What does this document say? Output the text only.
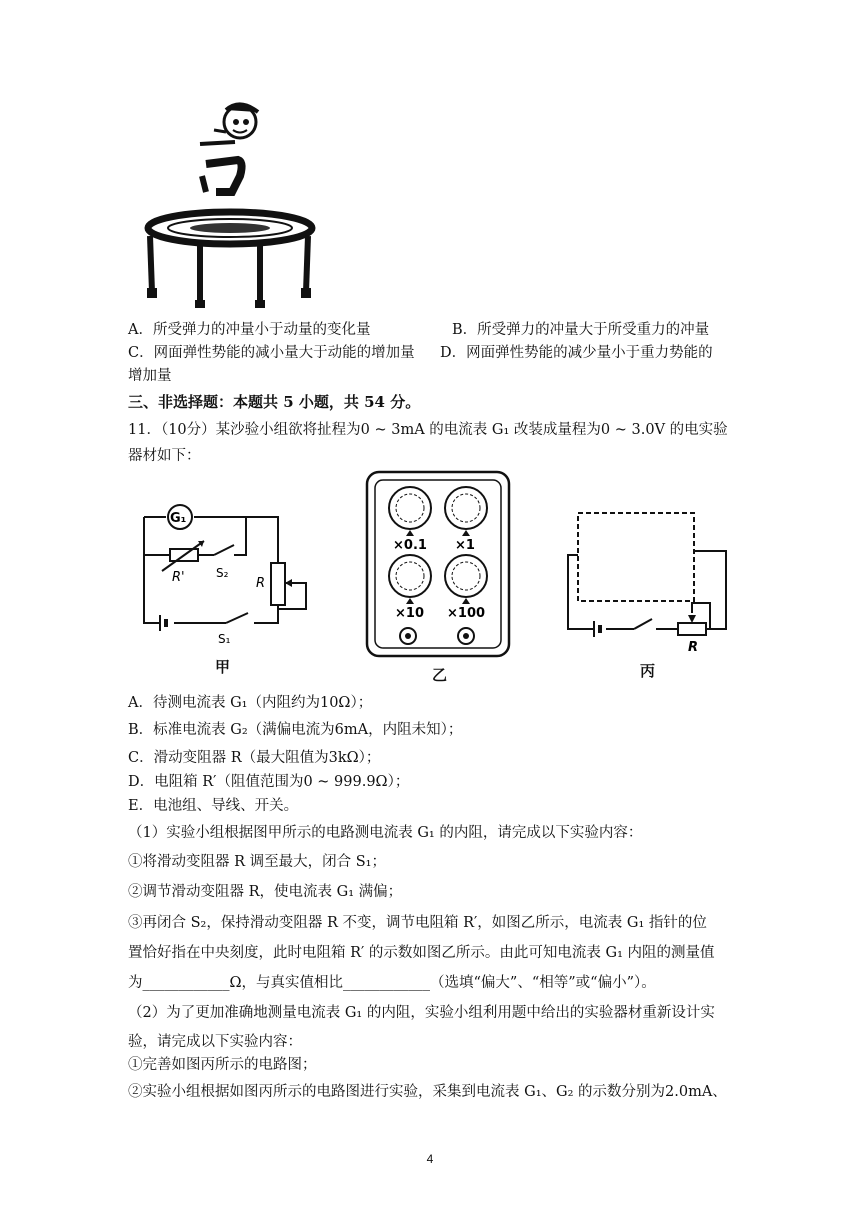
A．所受弹力的冲量小于动量的变化量	B．所受弹力的冲量大于所受重力的冲量
C．网面弹性势能的减小量大于动能的增加量 D．网面弹性势能的减少量小于重力势能的
增加量
三、非选择题：本题共 5 小题，共 54 分。
11．（10分）某沙验小组欲将扯程为0 ~ 3mA 的电流表 G₁ 改装成量程为0 ~ 3.0V 的电实验
器材如下：
G₁
R'	S₂
R
S₁
甲
×0.1 ×1
×10 ×100
乙
R
丙
A．待测电流表 G₁（内阻约为10Ω）；
B．标准电流表 G₂（满偏电流为6mA，内阻未知）；
C．滑动变阻器 R（最大阻值为3kΩ）；
D．电阻箱 R′（阻值范围为0 ~ 999.9Ω）；
E．电池组、导线、开关。
（1）实验小组根据图甲所示的电路测电流表 G₁ 的内阻，请完成以下实验内容：
①将滑动变阻器 R 调至最大，闭合 S₁；
②调节滑动变阻器 R，使电流表 G₁ 满偏；
③再闭合 S₂，保持滑动变阻器 R 不变，调节电阻箱 R′，如图乙所示，电流表 G₁ 指针的位
置恰好指在中央刻度，此时电阻箱 R′ 的示数如图乙所示。由此可知电流表 G₁ 内阻的测量值
为____________Ω，与真实值相比____________（选填“偏大”、“相等”或“偏小”）。
（2）为了更加准确地测量电流表 G₁ 的内阻，实验小组利用题中给出的实验器材重新设计实
验，请完成以下实验内容：
①完善如图丙所示的电路图；
②实验小组根据如图丙所示的电路图进行实验，采集到电流表 G₁、G₂ 的示数分别为2.0mA、
4
